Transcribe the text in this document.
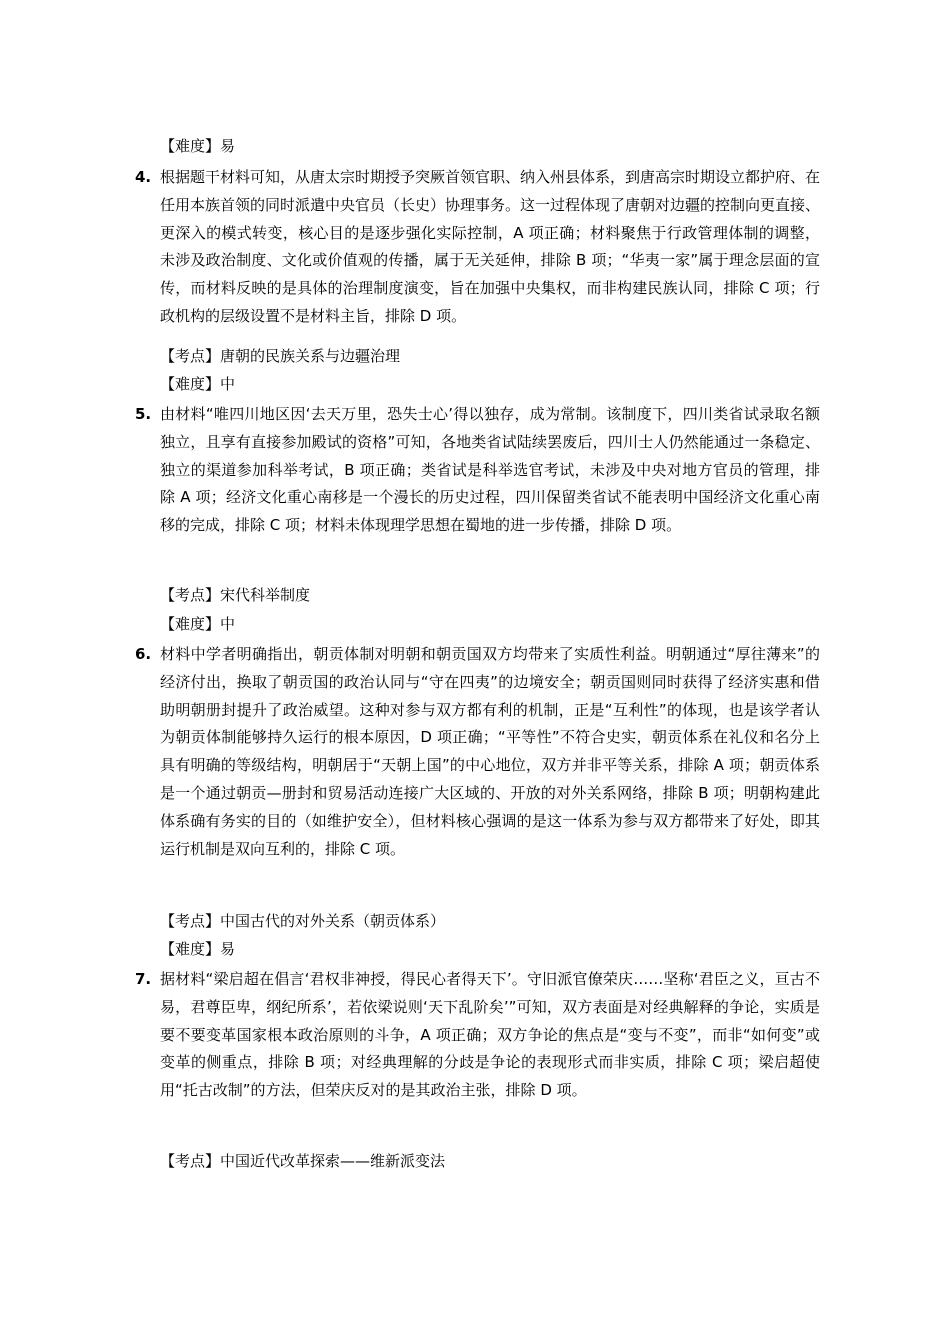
【难度】易
4. 根据题干材料可知，从唐太宗时期授予突厥首领官职、纳入州县体系，到唐高宗时期设立都护府、在任用本族首领的同时派遣中央官员（长史）协理事务。这一过程体现了唐朝对边疆的控制向更直接、更深入的模式转变，核心目的是逐步强化实际控制，A 项正确；材料聚焦于行政管理体制的调整，未涉及政治制度、文化或价值观的传播，属于无关延伸，排除 B 项；“华夷一家”属于理念层面的宣传，而材料反映的是具体的治理制度演变，旨在加强中央集权，而非构建民族认同，排除 C 项；行政机构的层级设置不是材料主旨，排除 D 项。
【考点】唐朝的民族关系与边疆治理
【难度】中
5. 由材料“唯四川地区因‘去天万里，恐失士心’得以独存，成为常制。该制度下，四川类省试录取名额独立，且享有直接参加殿试的资格”可知，各地类省试陆续罢废后，四川士人仍然能通过一条稳定、独立的渠道参加科举考试，B 项正确；类省试是科举选官考试，未涉及中央对地方官员的管理，排除 A 项；经济文化重心南移是一个漫长的历史过程，四川保留类省试不能表明中国经济文化重心南移的完成，排除 C 项；材料未体现理学思想在蜀地的进一步传播，排除 D 项。
【考点】宋代科举制度
【难度】中
6. 材料中学者明确指出，朝贡体制对明朝和朝贡国双方均带来了实质性利益。明朝通过“厚往薄来”的经济付出，换取了朝贡国的政治认同与“守在四夷”的边境安全；朝贡国则同时获得了经济实惠和借助明朝册封提升了政治威望。这种对参与双方都有利的机制，正是“互利性”的体现，也是该学者认为朝贡体制能够持久运行的根本原因，D 项正确；“平等性”不符合史实，朝贡体系在礼仪和名分上具有明确的等级结构，明朝居于“天朝上国”的中心地位，双方并非平等关系，排除 A 项；朝贡体系是一个通过朝贡—册封和贸易活动连接广大区域的、开放的对外关系网络，排除 B 项；明朝构建此体系确有务实的目的（如维护安全），但材料核心强调的是这一体系为参与双方都带来了好处，即其运行机制是双向互利的，排除 C 项。
【考点】中国古代的对外关系（朝贡体系）
【难度】易
7. 据材料“梁启超在倡言‘君权非神授，得民心者得天下’。守旧派官僚荣庆……坚称‘君臣之义，亘古不易，君尊臣卑，纲纪所系’，若依梁说则‘天下乱阶矣’”可知，双方表面是对经典解释的争论，实质是要不要变革国家根本政治原则的斗争，A 项正确；双方争论的焦点是“变与不变”，而非“如何变”或变革的侧重点，排除 B 项；对经典理解的分歧是争论的表现形式而非实质，排除 C 项；梁启超使用“托古改制”的方法，但荣庆反对的是其政治主张，排除 D 项。
【考点】中国近代改革探索——维新派变法
